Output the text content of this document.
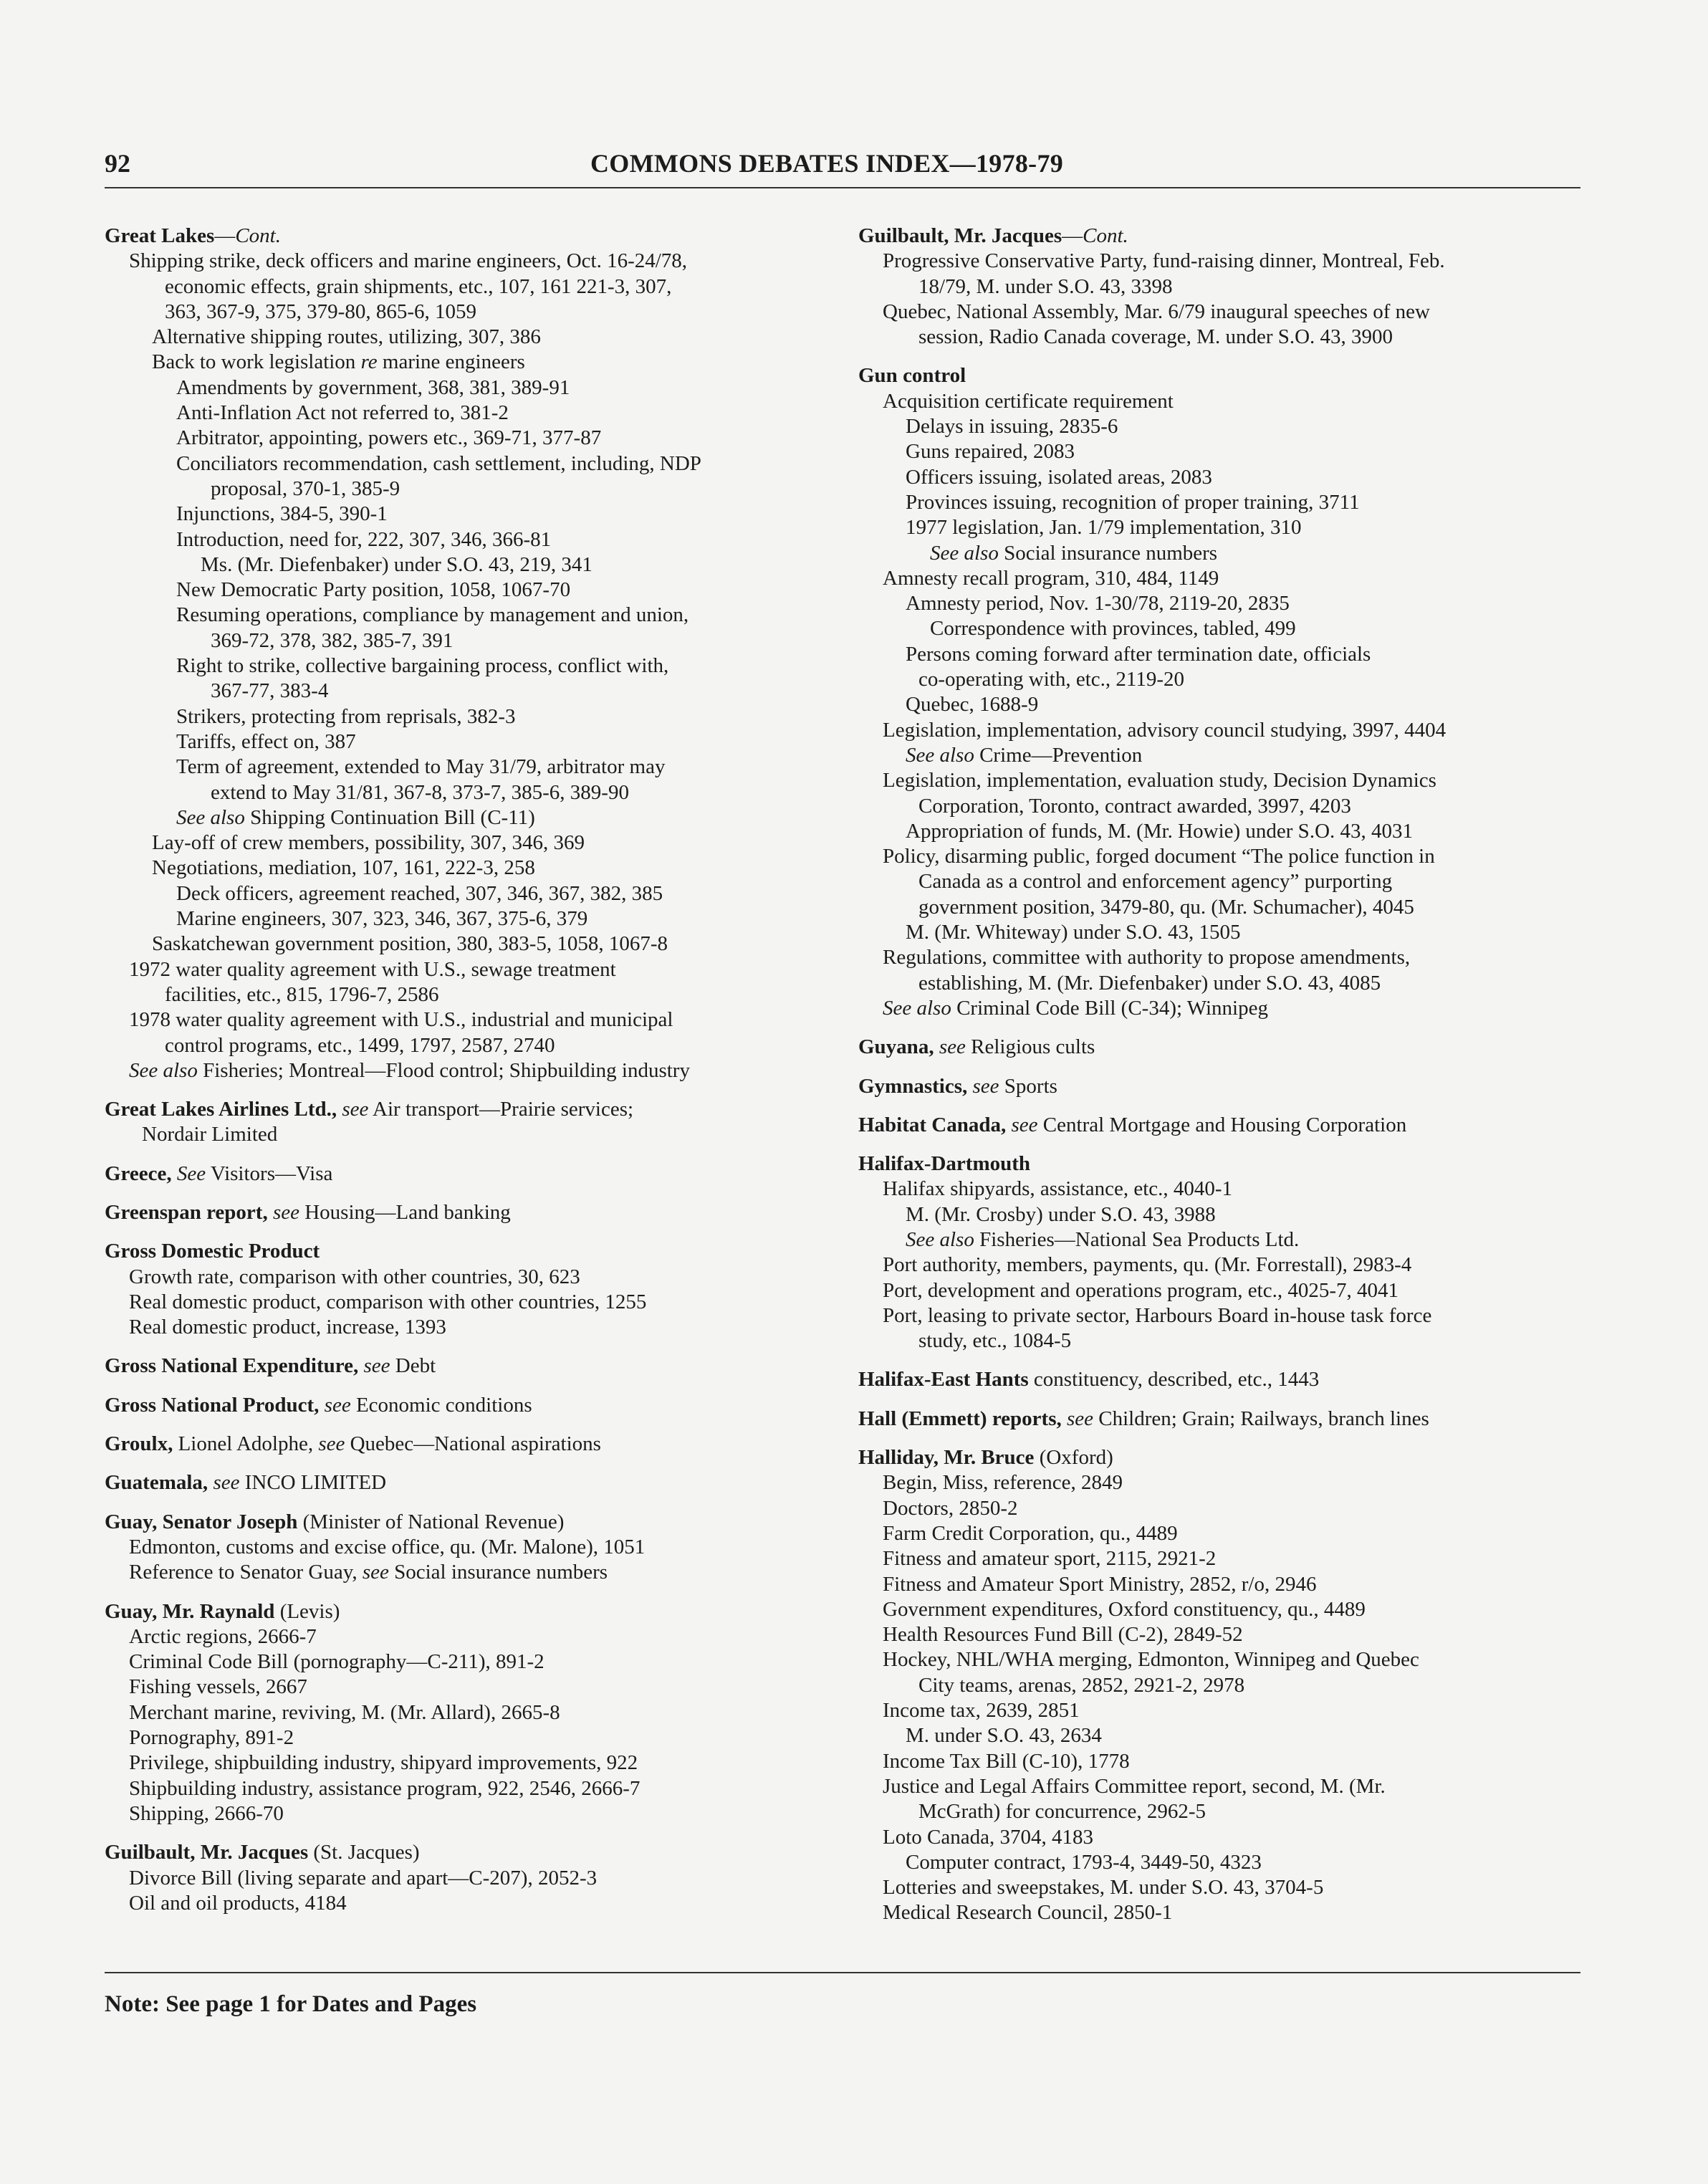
92	COMMONS DEBATES INDEX—1978-79
Great Lakes—Cont.
Shipping strike, deck officers and marine engineers, Oct. 16-24/78,
economic effects, grain shipments, etc., 107, 161 221-3, 307,
363, 367-9, 375, 379-80, 865-6, 1059
Alternative shipping routes, utilizing, 307, 386
Back to work legislation re marine engineers
Amendments by government, 368, 381, 389-91
Anti-Inflation Act not referred to, 381-2
Arbitrator, appointing, powers etc., 369-71, 377-87
Conciliators recommendation, cash settlement, including, NDP
proposal, 370-1, 385-9
Injunctions, 384-5, 390-1
Introduction, need for, 222, 307, 346, 366-81
Ms. (Mr. Diefenbaker) under S.O. 43, 219, 341
New Democratic Party position, 1058, 1067-70
Resuming operations, compliance by management and union,
369-72, 378, 382, 385-7, 391
Right to strike, collective bargaining process, conflict with,
367-77, 383-4
Strikers, protecting from reprisals, 382-3
Tariffs, effect on, 387
Term of agreement, extended to May 31/79, arbitrator may
extend to May 31/81, 367-8, 373-7, 385-6, 389-90
See also Shipping Continuation Bill (C-11)
Lay-off of crew members, possibility, 307, 346, 369
Negotiations, mediation, 107, 161, 222-3, 258
Deck officers, agreement reached, 307, 346, 367, 382, 385
Marine engineers, 307, 323, 346, 367, 375-6, 379
Saskatchewan government position, 380, 383-5, 1058, 1067-8
1972 water quality agreement with U.S., sewage treatment
facilities, etc., 815, 1796-7, 2586
1978 water quality agreement with U.S., industrial and municipal
control programs, etc., 1499, 1797, 2587, 2740
See also Fisheries; Montreal—Flood control; Shipbuilding industry
Great Lakes Airlines Ltd., see Air transport—Prairie services;
Nordair Limited
Greece, See Visitors—Visa
Greenspan report, see Housing—Land banking
Gross Domestic Product
Growth rate, comparison with other countries, 30, 623
Real domestic product, comparison with other countries, 1255
Real domestic product, increase, 1393
Gross National Expenditure, see Debt
Gross National Product, see Economic conditions
Groulx, Lionel Adolphe, see Quebec—National aspirations
Guatemala, see INCO LIMITED
Guay, Senator Joseph (Minister of National Revenue)
Edmonton, customs and excise office, qu. (Mr. Malone), 1051
Reference to Senator Guay, see Social insurance numbers
Guay, Mr. Raynald (Levis)
Arctic regions, 2666-7
Criminal Code Bill (pornography—C-211), 891-2
Fishing vessels, 2667
Merchant marine, reviving, M. (Mr. Allard), 2665-8
Pornography, 891-2
Privilege, shipbuilding industry, shipyard improvements, 922
Shipbuilding industry, assistance program, 922, 2546, 2666-7
Shipping, 2666-70
Guilbault, Mr. Jacques (St. Jacques)
Divorce Bill (living separate and apart—C-207), 2052-3
Oil and oil products, 4184
Guilbault, Mr. Jacques—Cont.
Progressive Conservative Party, fund-raising dinner, Montreal, Feb.
18/79, M. under S.O. 43, 3398
Quebec, National Assembly, Mar. 6/79 inaugural speeches of new
session, Radio Canada coverage, M. under S.O. 43, 3900
Gun control
Acquisition certificate requirement
Delays in issuing, 2835-6
Guns repaired, 2083
Officers issuing, isolated areas, 2083
Provinces issuing, recognition of proper training, 3711
1977 legislation, Jan. 1/79 implementation, 310
See also Social insurance numbers
Amnesty recall program, 310, 484, 1149
Amnesty period, Nov. 1-30/78, 2119-20, 2835
Correspondence with provinces, tabled, 499
Persons coming forward after termination date, officials
co-operating with, etc., 2119-20
Quebec, 1688-9
Legislation, implementation, advisory council studying, 3997, 4404
See also Crime—Prevention
Legislation, implementation, evaluation study, Decision Dynamics
Corporation, Toronto, contract awarded, 3997, 4203
Appropriation of funds, M. (Mr. Howie) under S.O. 43, 4031
Policy, disarming public, forged document “The police function in
Canada as a control and enforcement agency” purporting
government position, 3479-80, qu. (Mr. Schumacher), 4045
M. (Mr. Whiteway) under S.O. 43, 1505
Regulations, committee with authority to propose amendments,
establishing, M. (Mr. Diefenbaker) under S.O. 43, 4085
See also Criminal Code Bill (C-34); Winnipeg
Guyana, see Religious cults
Gymnastics, see Sports
Habitat Canada, see Central Mortgage and Housing Corporation
Halifax-Dartmouth
Halifax shipyards, assistance, etc., 4040-1
M. (Mr. Crosby) under S.O. 43, 3988
See also Fisheries—National Sea Products Ltd.
Port authority, members, payments, qu. (Mr. Forrestall), 2983-4
Port, development and operations program, etc., 4025-7, 4041
Port, leasing to private sector, Harbours Board in-house task force
study, etc., 1084-5
Halifax-East Hants constituency, described, etc., 1443
Hall (Emmett) reports, see Children; Grain; Railways, branch lines
Halliday, Mr. Bruce (Oxford)
Begin, Miss, reference, 2849
Doctors, 2850-2
Farm Credit Corporation, qu., 4489
Fitness and amateur sport, 2115, 2921-2
Fitness and Amateur Sport Ministry, 2852, r/o, 2946
Government expenditures, Oxford constituency, qu., 4489
Health Resources Fund Bill (C-2), 2849-52
Hockey, NHL/WHA merging, Edmonton, Winnipeg and Quebec
City teams, arenas, 2852, 2921-2, 2978
Income tax, 2639, 2851
M. under S.O. 43, 2634
Income Tax Bill (C-10), 1778
Justice and Legal Affairs Committee report, second, M. (Mr.
McGrath) for concurrence, 2962-5
Loto Canada, 3704, 4183
Computer contract, 1793-4, 3449-50, 4323
Lotteries and sweepstakes, M. under S.O. 43, 3704-5
Medical Research Council, 2850-1
Note: See page 1 for Dates and Pages
